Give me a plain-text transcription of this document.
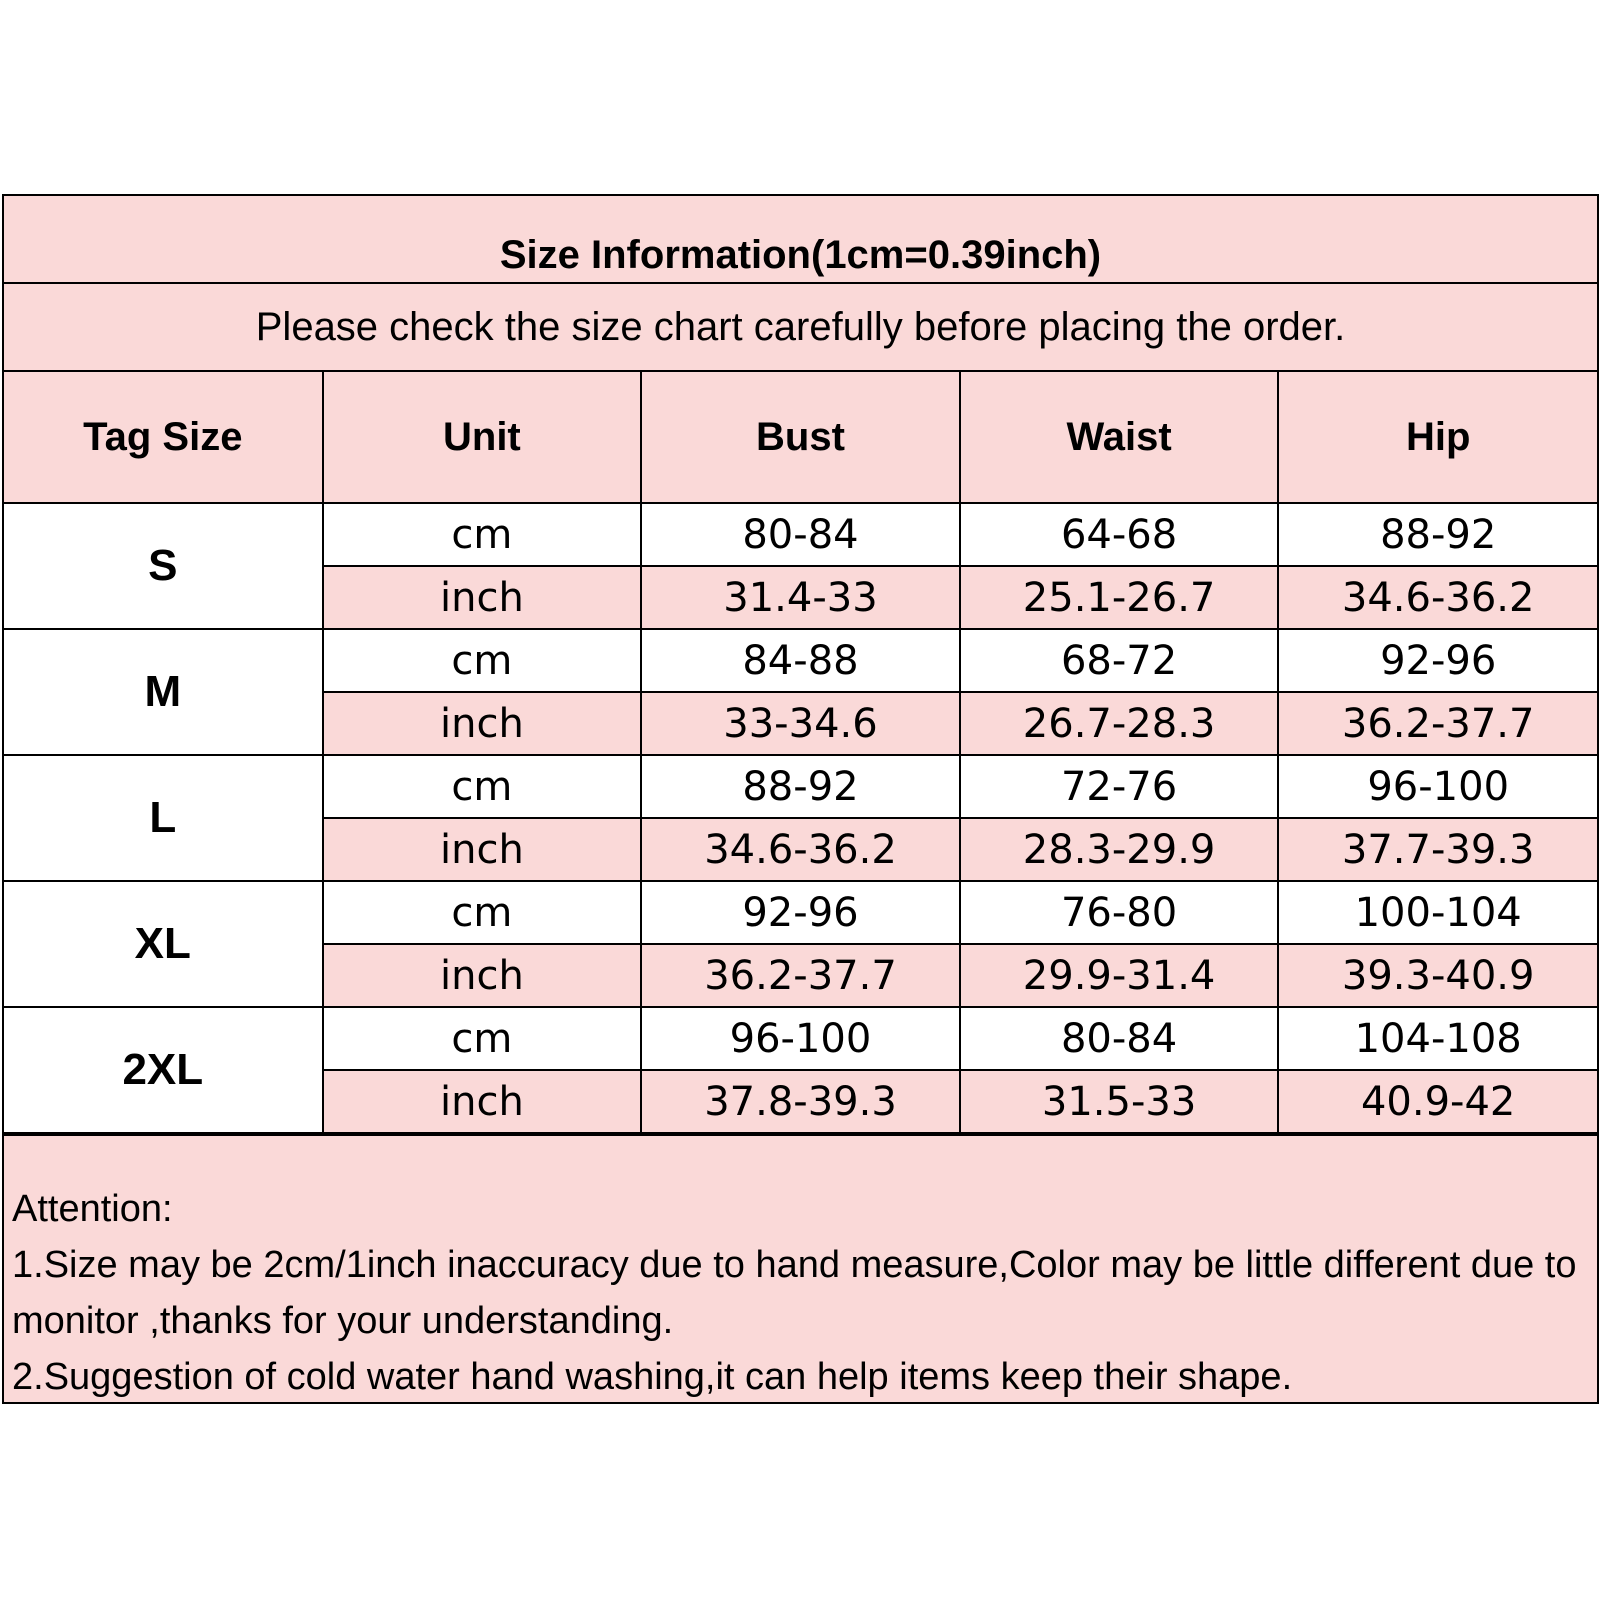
Size Information(1cm=0.39inch)
Please check the size chart carefully before placing the order.
Tag Size	Unit	Bust	Waist	Hip
S	cm	80-84	64-68	88-92
	inch	31.4-33	25.1-26.7	34.6-36.2
M	cm	84-88	68-72	92-96
	inch	33-34.6	26.7-28.3	36.2-37.7
L	cm	88-92	72-76	96-100
	inch	34.6-36.2	28.3-29.9	37.7-39.3
XL	cm	92-96	76-80	100-104
	inch	36.2-37.7	29.9-31.4	39.3-40.9
2XL	cm	96-100	80-84	104-108
	inch	37.8-39.3	31.5-33	40.9-42

Attention:

1.Size may be 2cm/1inch inaccuracy due to hand measure,Color may be little different due to monitor ,thanks for your understanding.

2.Suggestion of cold water hand washing,it can help items keep their shape.
